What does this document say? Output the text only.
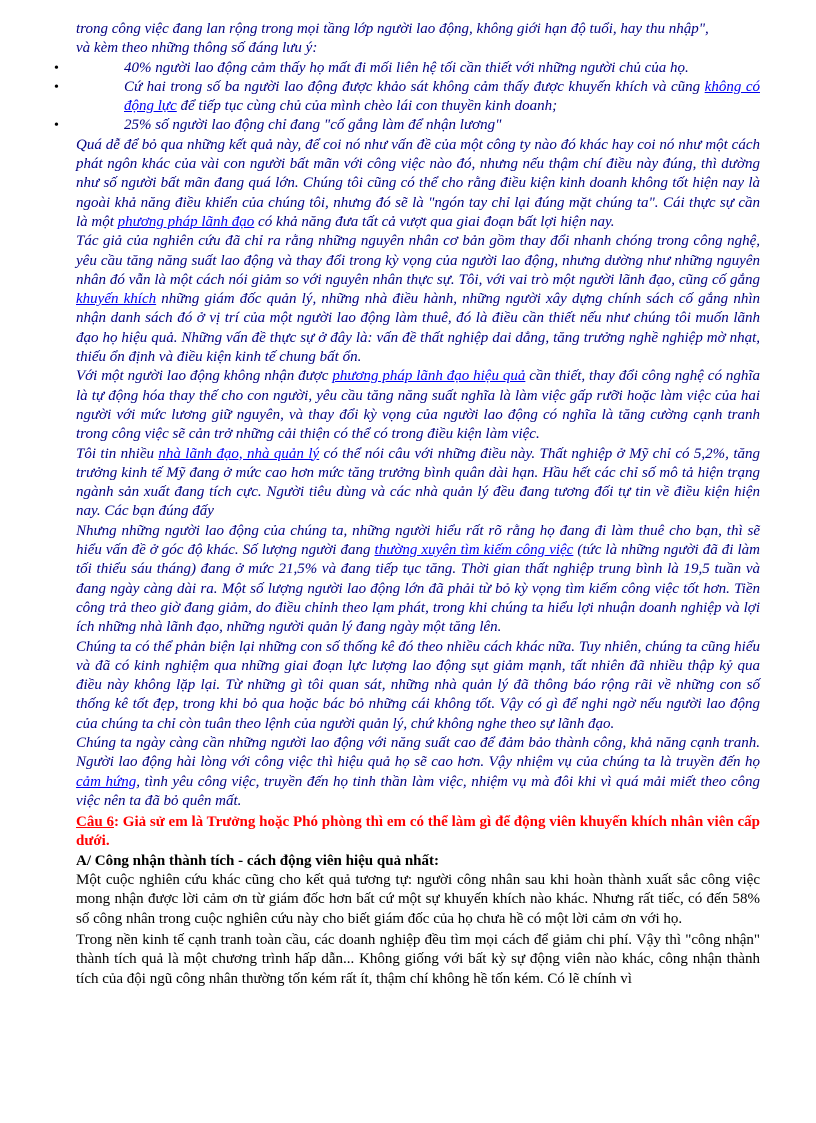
trong công việc đang lan rộng trong mọi tầng lớp người lao động, không giới hạn độ tuổi, hay thu nhập",
và kèm theo những thông số đáng lưu ý:

• 40% người lao động cảm thấy họ mất đi mối liên hệ tối cần thiết với những người chủ của họ.

• Cứ hai trong số ba người lao động được khảo sát không cảm thấy được khuyến khích và cũng không có động lực để tiếp tục cùng chủ của mình chèo lái con thuyền kinh doanh;

• 25% số người lao động chỉ đang "cố gắng làm để nhận lương"

Quá dễ để bỏ qua những kết quả này, để coi nó như vấn đề của một công ty nào đó khác hay coi nó như một cách phát ngôn khác của vài con người bất mãn với công việc nào đó, nhưng nếu thậm chí điều này đúng, thì dường như số người bất mãn đang quá lớn. Chúng tôi cũng có thể cho rằng điều kiện kinh doanh không tốt hiện nay là ngoài khả năng điều khiển của chúng tôi, nhưng đó sẽ là "ngón tay chỉ lại đúng mặt chúng ta". Cái thực sự cần là một phương pháp lãnh đạo có khả năng đưa tất cả vượt qua giai đoạn bất lợi hiện nay.

Tác giả của nghiên cứu đã chỉ ra rằng những nguyên nhân cơ bản gồm thay đổi nhanh chóng trong công nghệ, yêu cầu tăng năng suất lao động và thay đổi trong kỳ vọng của người lao động, nhưng dường như những nguyên nhân đó vẫn là một cách nói giảm so với nguyên nhân thực sự. Tôi, với vai trò một người lãnh đạo, cũng cố gắng khuyến khích những giám đốc quản lý, những nhà điều hành, những người xây dựng chính sách cố gắng nhìn nhận danh sách đó ở vị trí của một người lao động làm thuê, đó là điều cần thiết nếu như chúng tôi muốn lãnh đạo họ hiệu quả. Những vấn đề thực sự ở đây là: vấn đề thất nghiệp dai dẳng, tăng trưởng nghề nghiệp mờ nhạt, thiếu ổn định và điều kiện kinh tế chung bất ổn.

Với một người lao động không nhận được phương pháp lãnh đạo hiệu quả cần thiết, thay đổi công nghệ có nghĩa là tự động hóa thay thế cho con người, yêu cầu tăng năng suất nghĩa là làm việc gấp rưỡi hoặc làm việc của hai người với mức lương giữ nguyên, và thay đổi kỳ vọng của người lao động có nghĩa là tăng cường cạnh tranh trong công việc sẽ cản trở những cải thiện có thể có trong điều kiện làm việc.

Tôi tin nhiều nhà lãnh đạo, nhà quản lý có thể nói câu với những điều này. Thất nghiệp ở Mỹ chỉ có 5,2%, tăng trưởng kinh tế Mỹ đang ở mức cao hơn mức tăng trưởng bình quân dài hạn. Hầu hết các chỉ số mô tả hiện trạng ngành sản xuất đang tích cực. Người tiêu dùng và các nhà quản lý đều đang tương đối tự tin về điều kiện hiện nay. Các bạn đúng đấy

Nhưng những người lao động của chúng ta, những người hiểu rất rõ rằng họ đang đi làm thuê cho bạn, thì sẽ hiểu vấn đề ở góc độ khác. Số lượng người đang thường xuyên tìm kiếm công việc (tức là những người đã đi làm tối thiểu sáu tháng) đang ở mức 21,5% và đang tiếp tục tăng. Thời gian thất nghiệp trung bình là 19,5 tuần và đang ngày càng dài ra. Một số lượng người lao động lớn đã phải từ bỏ kỳ vọng tìm kiếm công việc tốt hơn. Tiền công trả theo giờ đang giảm, do điều chỉnh theo lạm phát, trong khi chúng ta hiểu lợi nhuận doanh nghiệp và lợi ích những nhà lãnh đạo, những người quản lý đang ngày một tăng lên.

Chúng ta có thể phản biện lại những con số thống kê đó theo nhiều cách khác nữa. Tuy nhiên, chúng ta cũng hiểu và đã có kinh nghiệm qua những giai đoạn lực lượng lao động sụt giảm mạnh, tất nhiên đã nhiều thập kỷ qua điều này không lặp lại. Từ những gì tôi quan sát, những nhà quản lý đã thông báo rộng rãi về những con số thống kê tốt đẹp, trong khi bỏ qua hoặc bác bỏ những cái không tốt. Vậy có gì để nghi ngờ nếu người lao động của chúng ta chỉ còn tuân theo lệnh của người quản lý, chứ không nghe theo sự lãnh đạo.

Chúng ta ngày càng cần những người lao động với năng suất cao để đảm bảo thành công, khả năng cạnh tranh. Người lao động hài lòng với công việc thì hiệu quả họ sẽ cao hơn. Vậy nhiệm vụ của chúng ta là truyền đến họ cảm hứng, tình yêu công việc, truyền đến họ tinh thần làm việc, nhiệm vụ mà đôi khi vì quá mải miết theo công việc nên ta đã bỏ quên mất.

Câu 6: Giả sử em là Trưởng hoặc Phó phòng thì em có thể làm gì để động viên khuyến khích nhân viên cấp dưới.

A/ Công nhận thành tích - cách động viên hiệu quả nhất:

Một cuộc nghiên cứu khác cũng cho kết quả tương tự: người công nhân sau khi hoàn thành xuất sắc công việc mong nhận được lời cảm ơn từ giám đốc hơn bất cứ một sự khuyến khích nào khác. Nhưng rất tiếc, có đến 58% số công nhân trong cuộc nghiên cứu này cho biết giám đốc của họ chưa hề có một lời cảm ơn với họ.

Trong nền kinh tế cạnh tranh toàn cầu, các doanh nghiệp đều tìm mọi cách để giảm chi phí. Vậy thì "công nhận" thành tích quả là một chương trình hấp dẫn... Không giống với bất kỳ sự động viên nào khác, công nhận thành tích của đội ngũ công nhân thường tốn kém rất ít, thậm chí không hề tốn kém. Có lẽ chính vì
